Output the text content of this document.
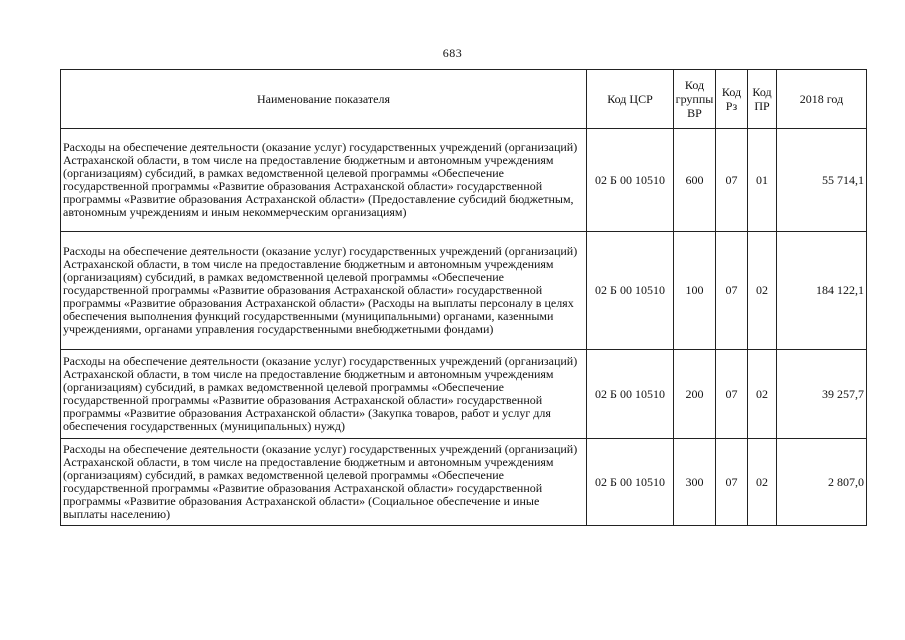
683
Наименование показателя	Код ЦСР	Код группы ВР	Код Рз	Код ПР	2018 год
Расходы на обеспечение деятельности (оказание услуг) государственных учреждений (организаций) Астраханской области, в том числе на предоставление бюджетным и автономным учреждениям (организациям) субсидий, в рамках ведомственной целевой программы «Обеспечение государственной программы «Развитие образования Астраханской области» государственной программы «Развитие образования Астраханской области» (Предоставление субсидий бюджетным, автономным учреждениям и иным некоммерческим организациям)	02 Б 00 10510	600	07	01	55 714,1
Расходы на обеспечение деятельности (оказание услуг) государственных учреждений (организаций) Астраханской области, в том числе на предоставление бюджетным и автономным учреждениям (организациям) субсидий, в рамках ведомственной целевой программы «Обеспечение государственной программы «Развитие образования Астраханской области» государственной программы «Развитие образования Астраханской области» (Расходы на выплаты персоналу в целях обеспечения выполнения функций государственными (муниципальными) органами, казенными учреждениями, органами управления государственными внебюджетными фондами)	02 Б 00 10510	100	07	02	184 122,1
Расходы на обеспечение деятельности (оказание услуг) государственных учреждений (организаций) Астраханской области, в том числе на предоставление бюджетным и автономным учреждениям (организациям) субсидий, в рамках ведомственной целевой программы «Обеспечение государственной программы «Развитие образования Астраханской области» государственной программы «Развитие образования Астраханской области» (Закупка товаров, работ и услуг для обеспечения государственных (муниципальных) нужд)	02 Б 00 10510	200	07	02	39 257,7
Расходы на обеспечение деятельности (оказание услуг) государственных учреждений (организаций) Астраханской области, в том числе на предоставление бюджетным и автономным учреждениям (организациям) субсидий, в рамках ведомственной целевой программы «Обеспечение государственной программы «Развитие образования Астраханской области» государственной программы «Развитие образования Астраханской области» (Социальное обеспечение и иные выплаты населению)	02 Б 00 10510	300	07	02	2 807,0
